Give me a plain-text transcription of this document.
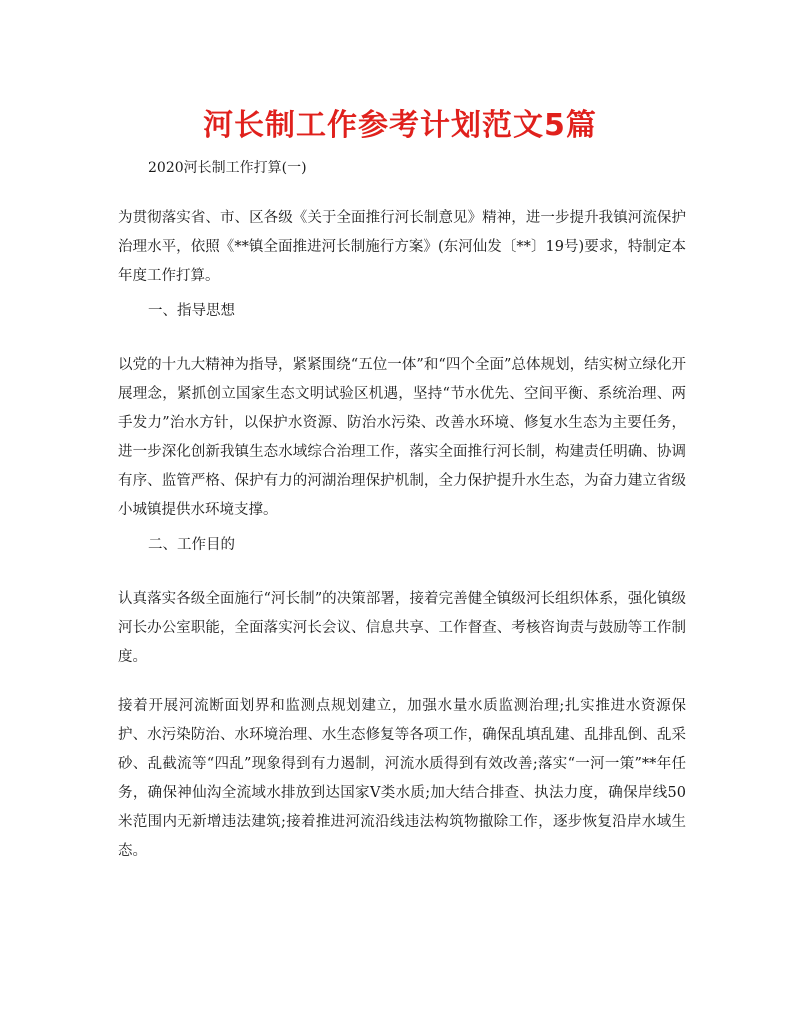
河长制工作参考计划范文5篇

2020河长制工作打算(一)

为贯彻落实省、市、区各级《关于全面推行河长制意见》精神，进一步提升我镇河流保护治理水平，依照《**镇全面推进河长制施行方案》(东河仙发〔**〕19号)要求，特制定本年度工作打算。

一、指导思想

以党的十九大精神为指导，紧紧围绕“五位一体”和“四个全面”总体规划，结实树立绿化开展理念，紧抓创立国家生态文明试验区机遇，坚持“节水优先、空间平衡、系统治理、两手发力”治水方针，以保护水资源、防治水污染、改善水环境、修复水生态为主要任务，进一步深化创新我镇生态水域综合治理工作，落实全面推行河长制，构建责任明确、协调有序、监管严格、保护有力的河湖治理保护机制，全力保护提升水生态，为奋力建立省级小城镇提供水环境支撑。

二、工作目的

认真落实各级全面施行“河长制”的决策部署，接着完善健全镇级河长组织体系，强化镇级河长办公室职能，全面落实河长会议、信息共享、工作督查、考核咨询责与鼓励等工作制度。

接着开展河流断面划界和监测点规划建立，加强水量水质监测治理;扎实推进水资源保护、水污染防治、水环境治理、水生态修复等各项工作，确保乱填乱建、乱排乱倒、乱采砂、乱截流等“四乱”现象得到有力遏制，河流水质得到有效改善;落实“一河一策”**年任务，确保神仙沟全流域水排放到达国家V类水质;加大结合排查、执法力度，确保岸线50米范围内无新增违法建筑;接着推进河流沿线违法构筑物撤除工作，逐步恢复沿岸水域生态。
